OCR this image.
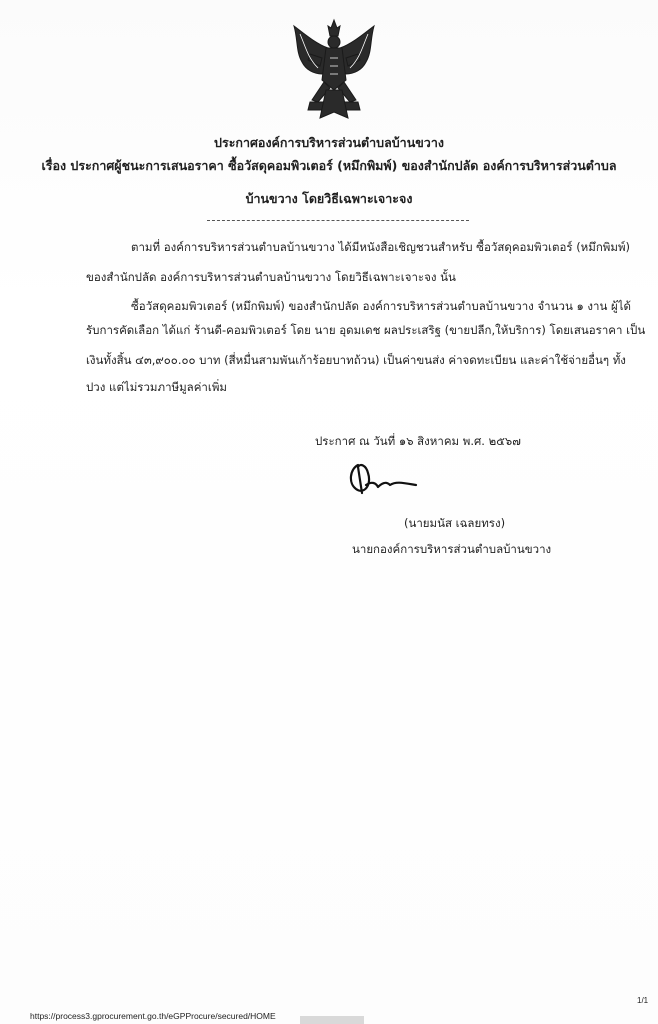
ประกาศองค์การบริหารส่วนตำบลบ้านขวาง
เรื่อง ประกาศผู้ชนะการเสนอราคา ซื้อวัสดุคอมพิวเตอร์ (หมึกพิมพ์) ของสำนักปลัด องค์การบริหารส่วนตำบล
บ้านขวาง โดยวิธีเฉพาะเจาะจง
ตามที่ องค์การบริหารส่วนตำบลบ้านขวาง ได้มีหนังสือเชิญชวนสำหรับ ซื้อวัสดุคอมพิวเตอร์ (หมึกพิมพ์)
ของสำนักปลัด องค์การบริหารส่วนตำบลบ้านขวาง โดยวิธีเฉพาะเจาะจง นั้น
ซื้อวัสดุคอมพิวเตอร์ (หมึกพิมพ์) ของสำนักปลัด องค์การบริหารส่วนตำบลบ้านขวาง จำนวน ๑ งาน ผู้ได้
รับการคัดเลือก ได้แก่ ร้านดี-คอมพิวเตอร์ โดย นาย อุดมเดช ผลประเสริฐ (ขายปลีก,ให้บริการ) โดยเสนอราคา เป็น
เงินทั้งสิ้น ๔๓,๙๐๐.๐๐ บาท (สี่หมื่นสามพันเก้าร้อยบาทถ้วน) เป็นค่าขนส่ง ค่าจดทะเบียน และค่าใช้จ่ายอื่นๆ ทั้ง
ปวง แต่ไม่รวมภาษีมูลค่าเพิ่ม
ประกาศ ณ วันที่ ๑๖ สิงหาคม พ.ศ. ๒๕๖๗
(นายมนัส เฉลยทรง)
นายกองค์การบริหารส่วนตำบลบ้านขวาง
1/1
https://process3.gprocurement.go.th/eGPProcure/secured/HOME
